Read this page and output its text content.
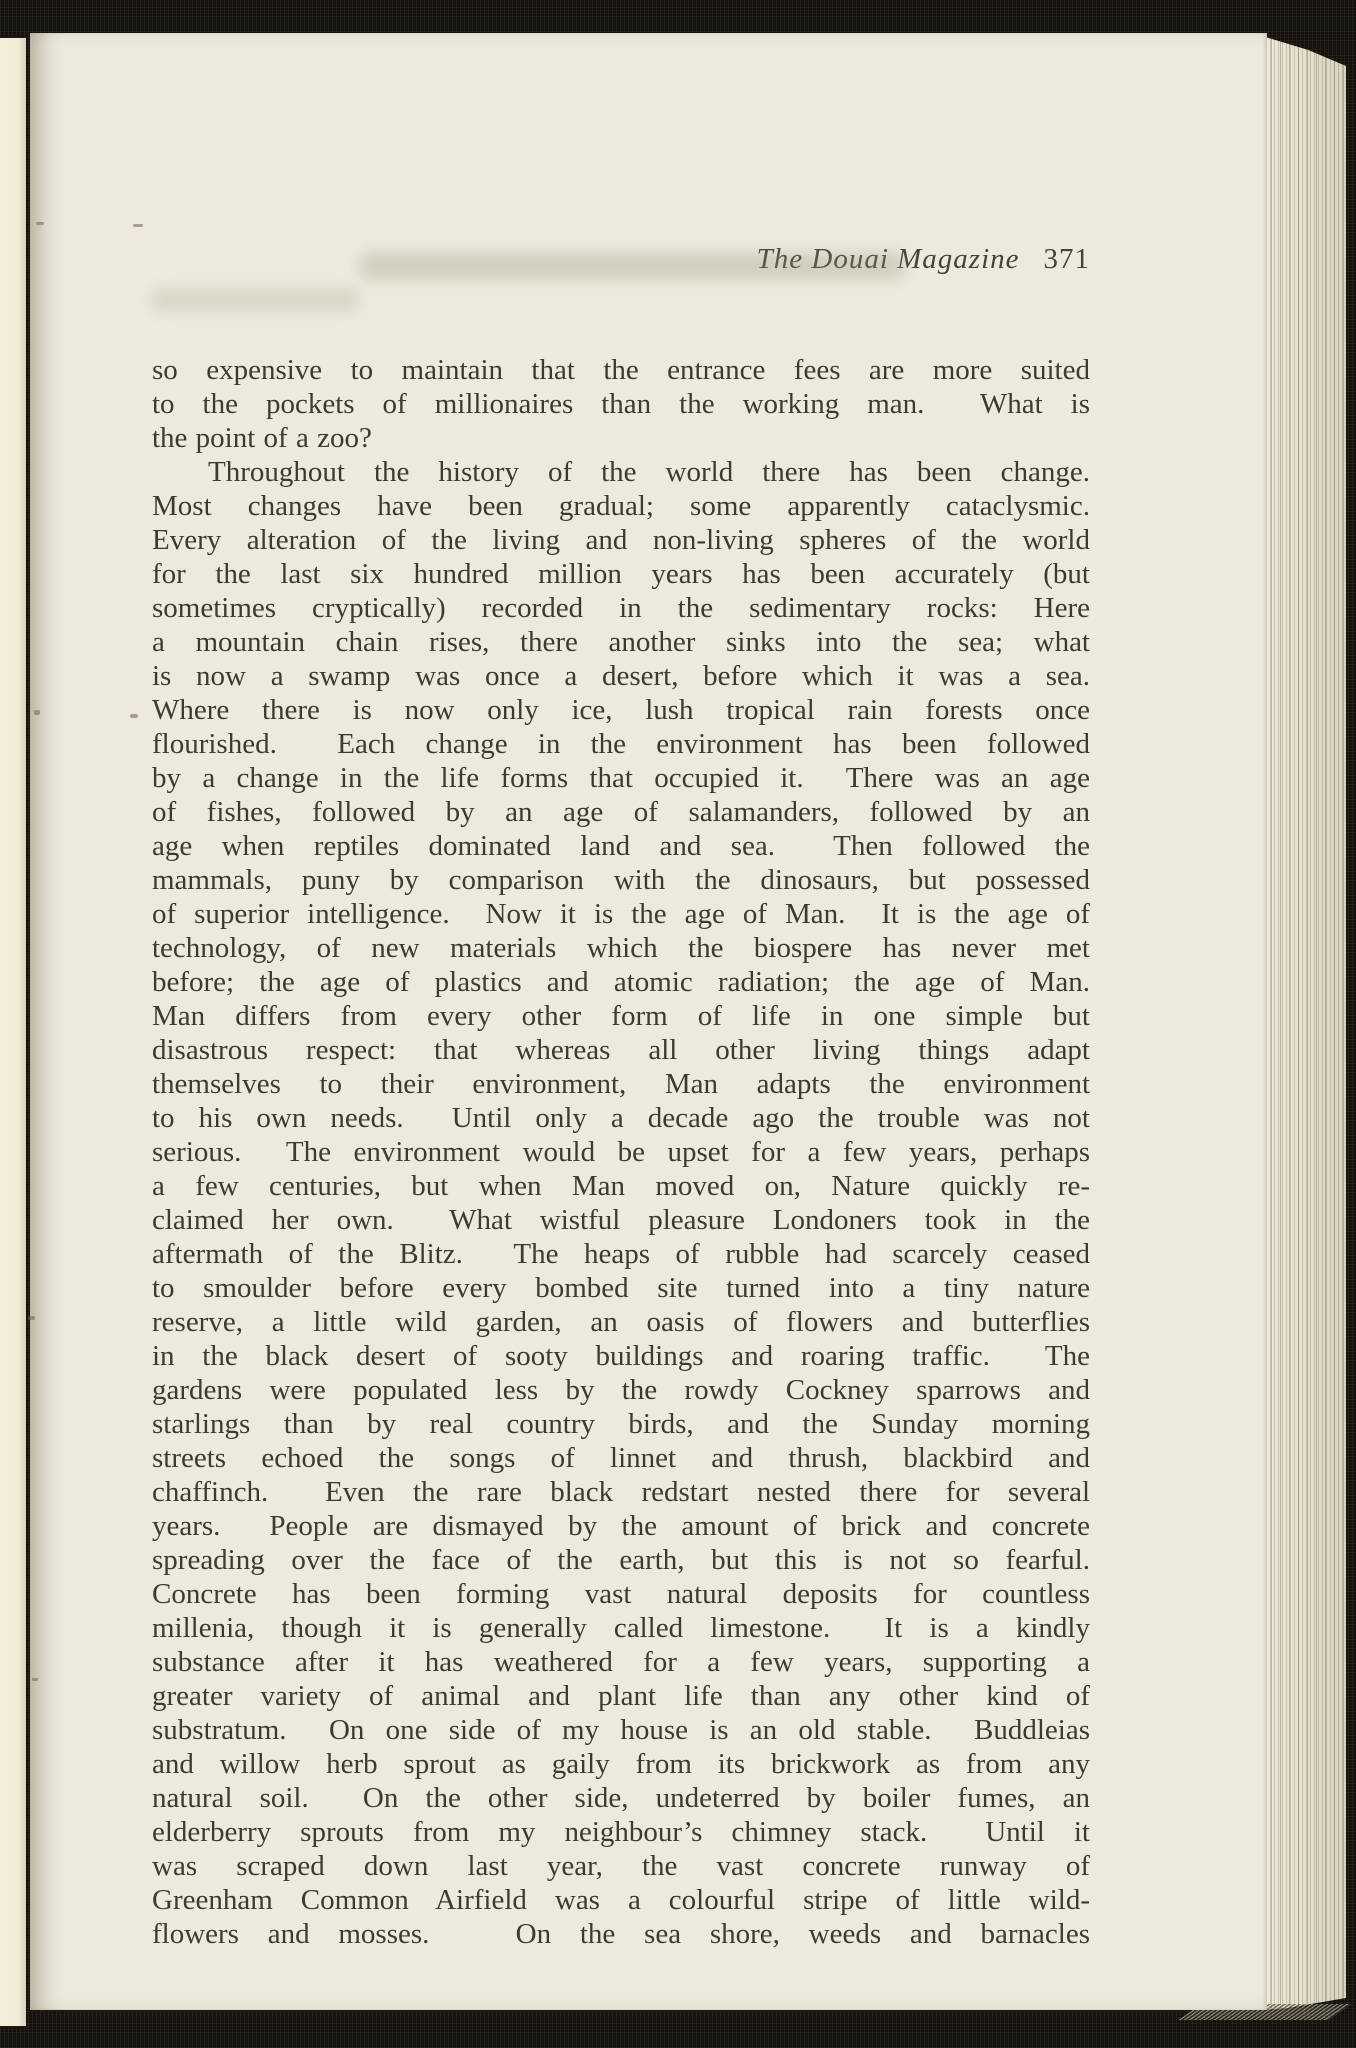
The Douai Magazine 371

so expensive to maintain that the entrance fees are more suited
to the pockets of millionaires than the working man.  What is
the point of a zoo?
Throughout the history of the world there has been change.
Most changes have been gradual; some apparently cataclysmic.
Every alteration of the living and non-living spheres of the world
for the last six hundred million years has been accurately (but
sometimes cryptically) recorded in the sedimentary rocks: Here
a mountain chain rises, there another sinks into the sea; what
is now a swamp was once a desert, before which it was a sea.
Where there is now only ice, lush tropical rain forests once
flourished.  Each change in the environment has been followed
by a change in the life forms that occupied it.  There was an age
of fishes, followed by an age of salamanders, followed by an
age when reptiles dominated land and sea.  Then followed the
mammals, puny by comparison with the dinosaurs, but possessed
of superior intelligence.  Now it is the age of Man.  It is the age of
technology, of new materials which the biospere has never met
before; the age of plastics and atomic radiation; the age of Man.
Man differs from every other form of life in one simple but
disastrous respect: that whereas all other living things adapt
themselves to their environment, Man adapts the environment
to his own needs.  Until only a decade ago the trouble was not
serious.  The environment would be upset for a few years, perhaps
a few centuries, but when Man moved on, Nature quickly re-
claimed her own.  What wistful pleasure Londoners took in the
aftermath of the Blitz.  The heaps of rubble had scarcely ceased
to smoulder before every bombed site turned into a tiny nature
reserve, a little wild garden, an oasis of flowers and butterflies
in the black desert of sooty buildings and roaring traffic.  The
gardens were populated less by the rowdy Cockney sparrows and
starlings than by real country birds, and the Sunday morning
streets echoed the songs of linnet and thrush, blackbird and
chaffinch.  Even the rare black redstart nested there for several
years.  People are dismayed by the amount of brick and concrete
spreading over the face of the earth, but this is not so fearful.
Concrete has been forming vast natural deposits for countless
millenia, though it is generally called limestone.  It is a kindly
substance after it has weathered for a few years, supporting a
greater variety of animal and plant life than any other kind of
substratum.  On one side of my house is an old stable.  Buddleias
and willow herb sprout as gaily from its brickwork as from any
natural soil.  On the other side, undeterred by boiler fumes, an
elderberry sprouts from my neighbour’s chimney stack.  Until it
was scraped down last year, the vast concrete runway of
Greenham Common Airfield was a colourful stripe of little wild-
flowers and mosses.   On the sea shore, weeds and barnacles
